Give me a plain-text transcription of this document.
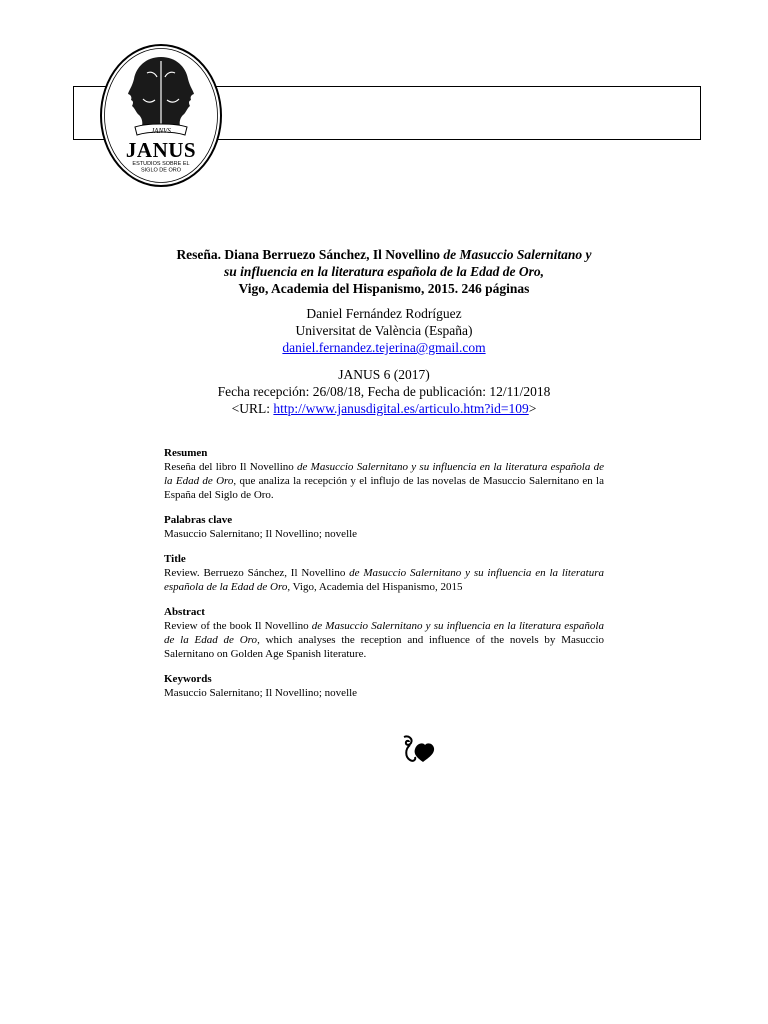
JANVS
JANUS
ESTUDIOS SOBRE EL
SIGLO DE ORO
Reseña. Diana Berruezo Sánchez, Il Novellino de Masuccio Salernitano y
su influencia en la literatura española de la Edad de Oro,
Vigo, Academia del Hispanismo, 2015. 246 páginas
Daniel Fernández Rodríguez
Universitat de València (España)
daniel.fernandez.tejerina@gmail.com
JANUS 6 (2017)
Fecha recepción: 26/08/18, Fecha de publicación: 12/11/2018
<URL: http://www.janusdigital.es/articulo.htm?id=109>
Resumen
Reseña del libro Il Novellino de Masuccio Salernitano y su influencia en la literatura española de la Edad de Oro, que analiza la recepción y el influjo de las novelas de Masuccio Salernitano en la España del Siglo de Oro.
Palabras clave
Masuccio Salernitano; Il Novellino; novelle
Title
Review. Berruezo Sánchez, Il Novellino de Masuccio Salernitano y su influencia en la literatura española de la Edad de Oro, Vigo, Academia del Hispanismo, 2015
Abstract
Review of the book Il Novellino de Masuccio Salernitano y su influencia en la literatura española de la Edad de Oro, which analyses the reception and influence of the novels by Masuccio Salernitano on Golden Age Spanish literature.
Keywords
Masuccio Salernitano; Il Novellino; novelle
